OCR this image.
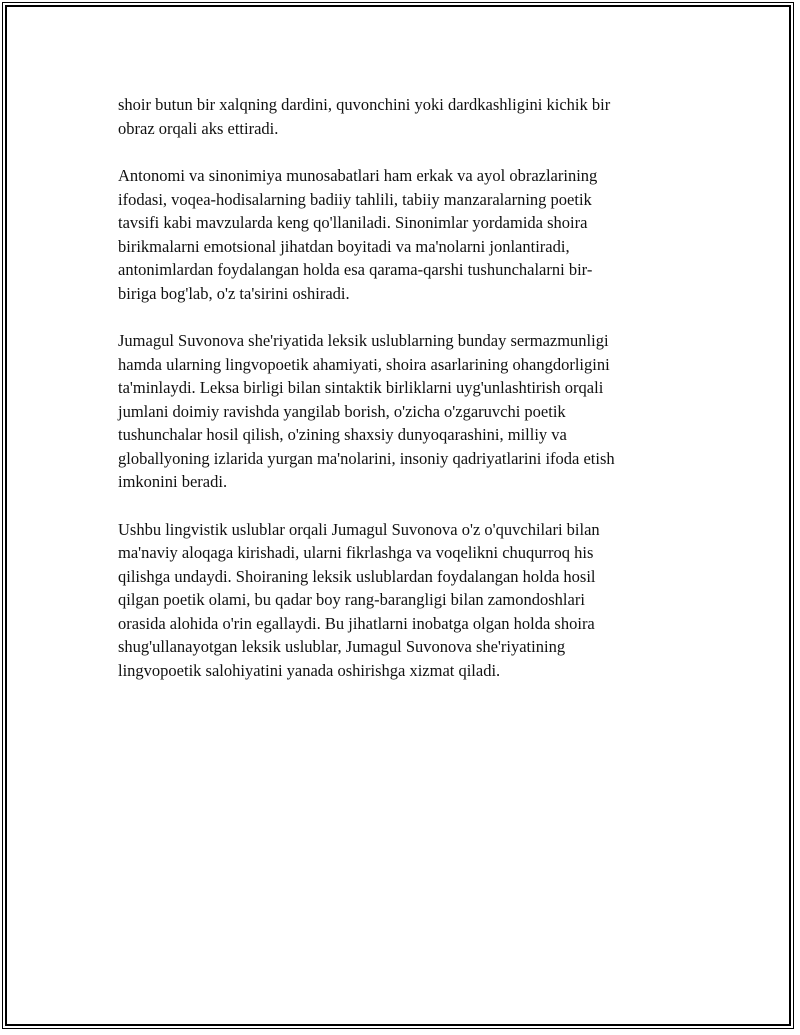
shoir butun bir xalqning dardini, quvonchini yoki dardkashligini kichik bir
obraz orqali aks ettiradi.

Antonomi va sinonimiya munosabatlari ham erkak va ayol obrazlarining
ifodasi, voqea-hodisalarning badiiy tahlili, tabiiy manzaralarning poetik
tavsifi kabi mavzularda keng qo'llaniladi. Sinonimlar yordamida shoira
birikmalarni emotsional jihatdan boyitadi va ma'nolarni jonlantiradi,
antonimlardan foydalangan holda esa qarama-qarshi tushunchalarni bir-
biriga bog'lab, o'z ta'sirini oshiradi.

Jumagul Suvonova she'riyatida leksik uslublarning bunday sermazmunligi
hamda ularning lingvopoetik ahamiyati, shoira asarlarining ohangdorligini
ta'minlaydi. Leksa birligi bilan sintaktik birliklarni uyg'unlashtirish orqali
jumlani doimiy ravishda yangilab borish, o'zicha o'zgaruvchi poetik
tushunchalar hosil qilish, o'zining shaxsiy dunyoqarashini, milliy va
globallyoning izlarida yurgan ma'nolarini, insoniy qadriyatlarini ifoda etish
imkonini beradi.

Ushbu lingvistik uslublar orqali Jumagul Suvonova o'z o'quvchilari bilan
ma'naviy aloqaga kirishadi, ularni fikrlashga va voqelikni chuqurroq his
qilishga undaydi. Shoiraning leksik uslublardan foydalangan holda hosil
qilgan poetik olami, bu qadar boy rang-barangligi bilan zamondoshlari
orasida alohida o'rin egallaydi. Bu jihatlarni inobatga olgan holda shoira
shug'ullanayotgan leksik uslublar, Jumagul Suvonova she'riyatining
lingvopoetik salohiyatini yanada oshirishga xizmat qiladi.
